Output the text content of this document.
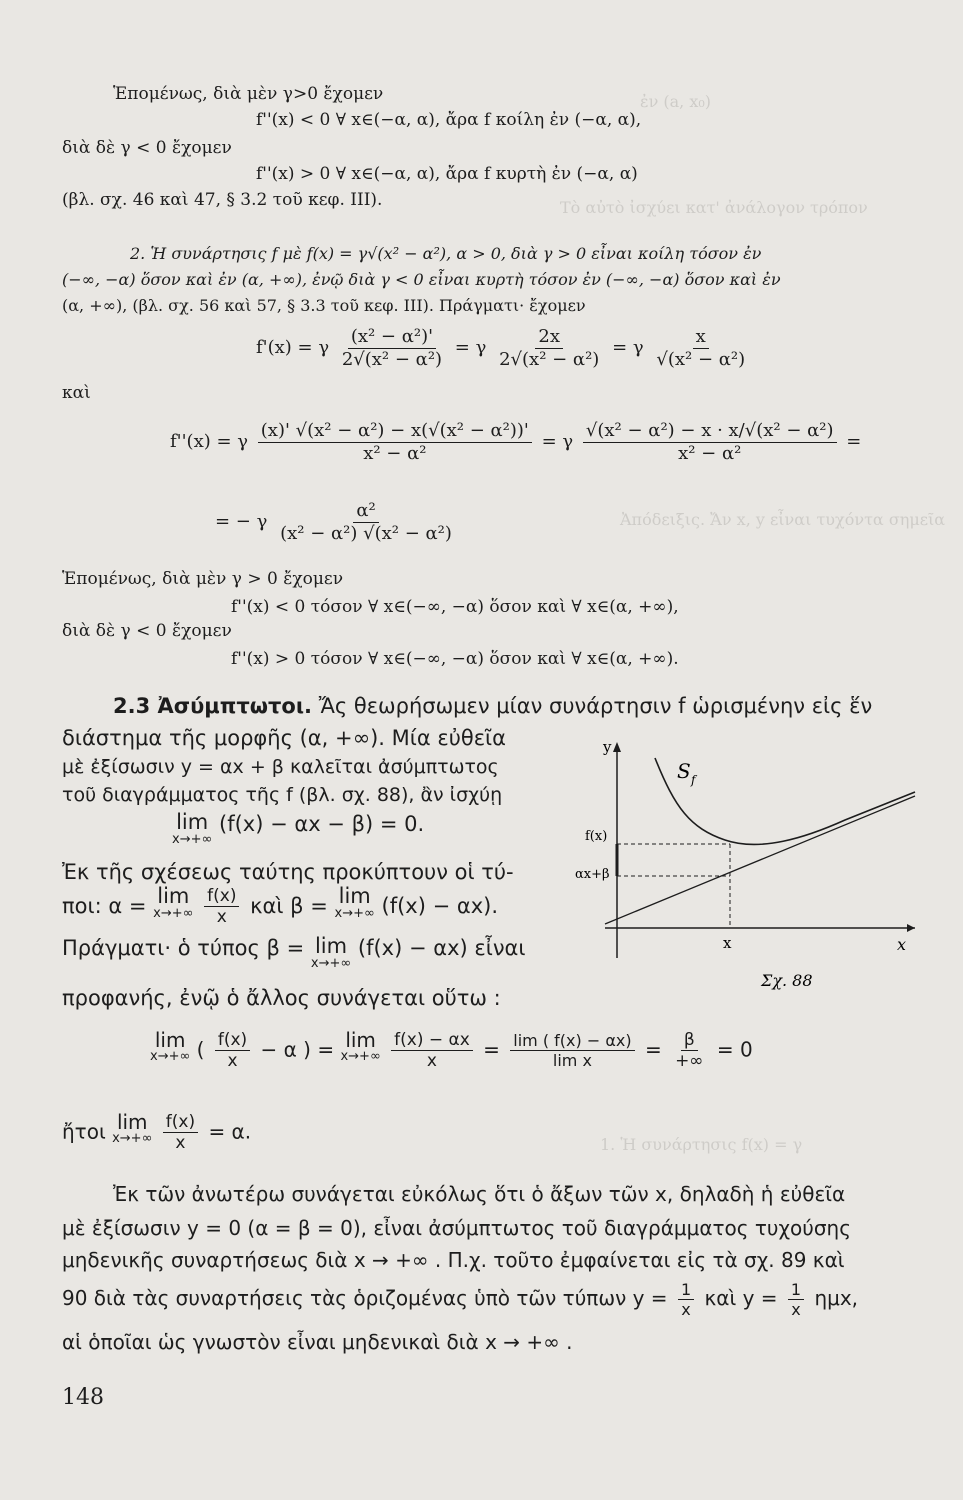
ἐν (a, x₀)
Τὸ αὐτὸ ἰσχύει κατ' ἀνάλογον τρόπον
Ἀπόδειξις. Ἄν x, y εἶναι τυχόντα σημεῖα
1. Ἡ συνάρτησις f(x) = γ
Ἑπομένως, διὰ μὲν γ>0 ἔχομεν
f''(x) < 0 ∀ x∈(−α, α), ἄρα f κοίλη ἐν (−α, α),
διὰ δὲ γ < 0 ἔχομεν
f''(x) > 0 ∀ x∈(−α, α), ἄρα f κυρτὴ ἐν (−α, α)
(βλ. σχ. 46 καὶ 47, § 3.2 τοῦ κεφ. ΙΙΙ).
2. Ἡ συνάρτησις f μὲ f(x) = γ√(x² − α²), α > 0, διὰ γ > 0 εἶναι κοίλη τόσον ἐν
(−∞, −α) ὅσον καὶ ἐν (α, +∞), ἐνῷ διὰ γ < 0 εἶναι κυρτὴ τόσον ἐν (−∞, −α) ὅσον καὶ ἐν
(α, +∞), (βλ. σχ. 56 καὶ 57, § 3.3 τοῦ κεφ. ΙΙΙ). Πράγματι· ἔχομεν
f'(x) = γ $\frac{\text{(x² − α²)'}}{\text{2√(x² − α²)}} = \gamma \frac{2x}{\text{2√(x² − α²)}} = \gamma \frac{x}{\text{√(x² − α²)}}$
καὶ
f''(x) = γ $\frac{\text{(x)' √(x² − α²) − x(√(x² − α²))'}}{\text{x² − α²}} = \gamma \frac{\text{√(x² − α²) − x · x/√(x² − α²)}}{\text{x² − α²}}$ =
= − γ $\frac{\text{α²}}{\text{(x² − α²) √(x² − α²)}}$
Ἑπομένως, διὰ μὲν γ > 0 ἔχομεν
f''(x) < 0 τόσον ∀ x∈(−∞, −α) ὅσον καὶ ∀ x∈(α, +∞),
διὰ δὲ γ < 0 ἔχομεν
f''(x) > 0 τόσον ∀ x∈(−∞, −α) ὅσον καὶ ∀ x∈(α, +∞).
2.3 Ἀσύμπτωτοι. Ἄς θεωρήσωμεν μίαν συνάρτησιν f ὡρισμένην εἰς ἕν
διάστημα τῆς μορφῆς (α, +∞). Μία εὐθεῖα
μὲ ἐξίσωσιν y = αx + β καλεῖται ἀσύμπτωτος
τοῦ διαγράμματος τῆς f (βλ. σχ. 88), ἂν ἰσχύῃ
lim
x→+∞
(f(x) − αx − β) = 0.
Ἐκ τῆς σχέσεως ταύτης προκύπτουν οἱ τύ-
ποι: α = lim
x→+∞
$\frac{f(x)}{x}$ καὶ β = lim
x→+∞ (f(x) − αx).
Πράγματι· ὁ τύπος β = lim
x→+∞
(f(x) − αx) εἶναι
προφανής, ἐνῷ ὁ ἄλλος συνάγεται οὕτω :
lim
x→+∞ ( $\frac{f(x)}{x} - \alpha$ ) = lim
x→+∞
$\frac{f(x) - \alpha x}{x} = \frac{\lim ( f(x) - \alpha x)}{\text{lim x}} = \frac{\beta}{+\infty} = 0$
ἤτοι lim
x→+∞
$\frac{f(x)}{x} = \alpha$.
Ἐκ τῶν ἀνωτέρω συνάγεται εὐκόλως ὅτι ὁ ἄξων τῶν x, δηλαδὴ ἡ εὐθεῖα
μὲ ἐξίσωσιν y = 0 (α = β = 0), εἶναι ἀσύμπτωτος τοῦ διαγράμματος τυχούσης
μηδενικῆς συναρτήσεως διὰ x → +∞ . Π.χ. τοῦτο ἐμφαίνεται εἰς τὰ σχ. 89 καὶ
90 διὰ τὰς συναρτήσεις τὰς ὁριζομένας ὑπὸ τῶν τύπων $y = \frac{1}{x}$ καὶ $y = \frac{1}{x} \eta\mu x$,
αἱ ὁποῖαι ὡς γνωστὸν εἶναι μηδενικαὶ διὰ x → +∞ .
148
y
S f
f(x)
αx+β
x	x
Σχ. 88
